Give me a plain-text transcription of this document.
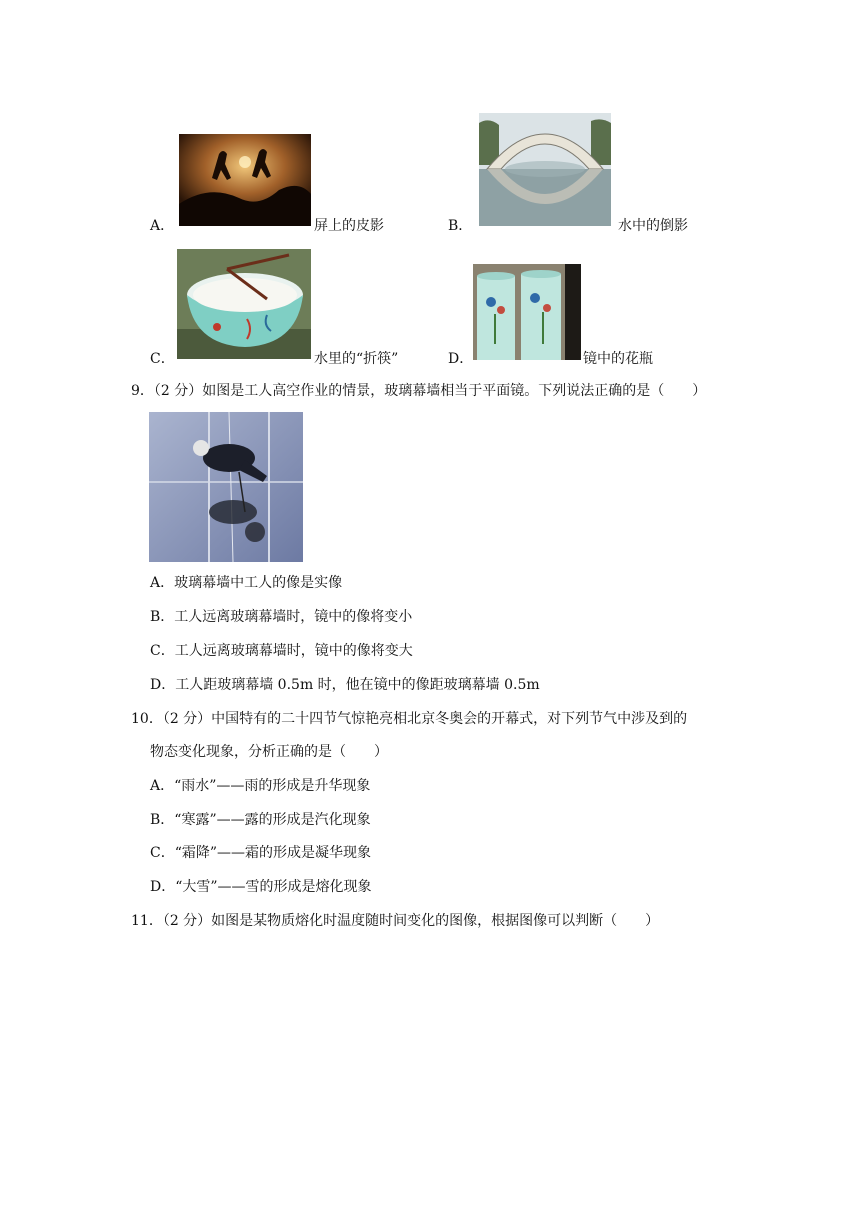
A．	屏上的皮影	B．	水中的倒影
C．	水里的“折筷”	D．	镜中的花瓶
9．（2 分）如图是工人高空作业的情景，玻璃幕墙相当于平面镜。下列说法正确的是（　　）
A．玻璃幕墙中工人的像是实像
B．工人远离玻璃幕墙时，镜中的像将变小
C．工人远离玻璃幕墙时，镜中的像将变大
D．工人距玻璃幕墙 0.5m 时，他在镜中的像距玻璃幕墙 0.5m
10．（2 分）中国特有的二十四节气惊艳亮相北京冬奥会的开幕式，对下列节气中涉及到的
物态变化现象，分析正确的是（　　）
A．“雨水”——雨的形成是升华现象
B．“寒露”——露的形成是汽化现象
C．“霜降”——霜的形成是凝华现象
D．“大雪”——雪的形成是熔化现象
11．（2 分）如图是某物质熔化时温度随时间变化的图像，根据图像可以判断（　　）
